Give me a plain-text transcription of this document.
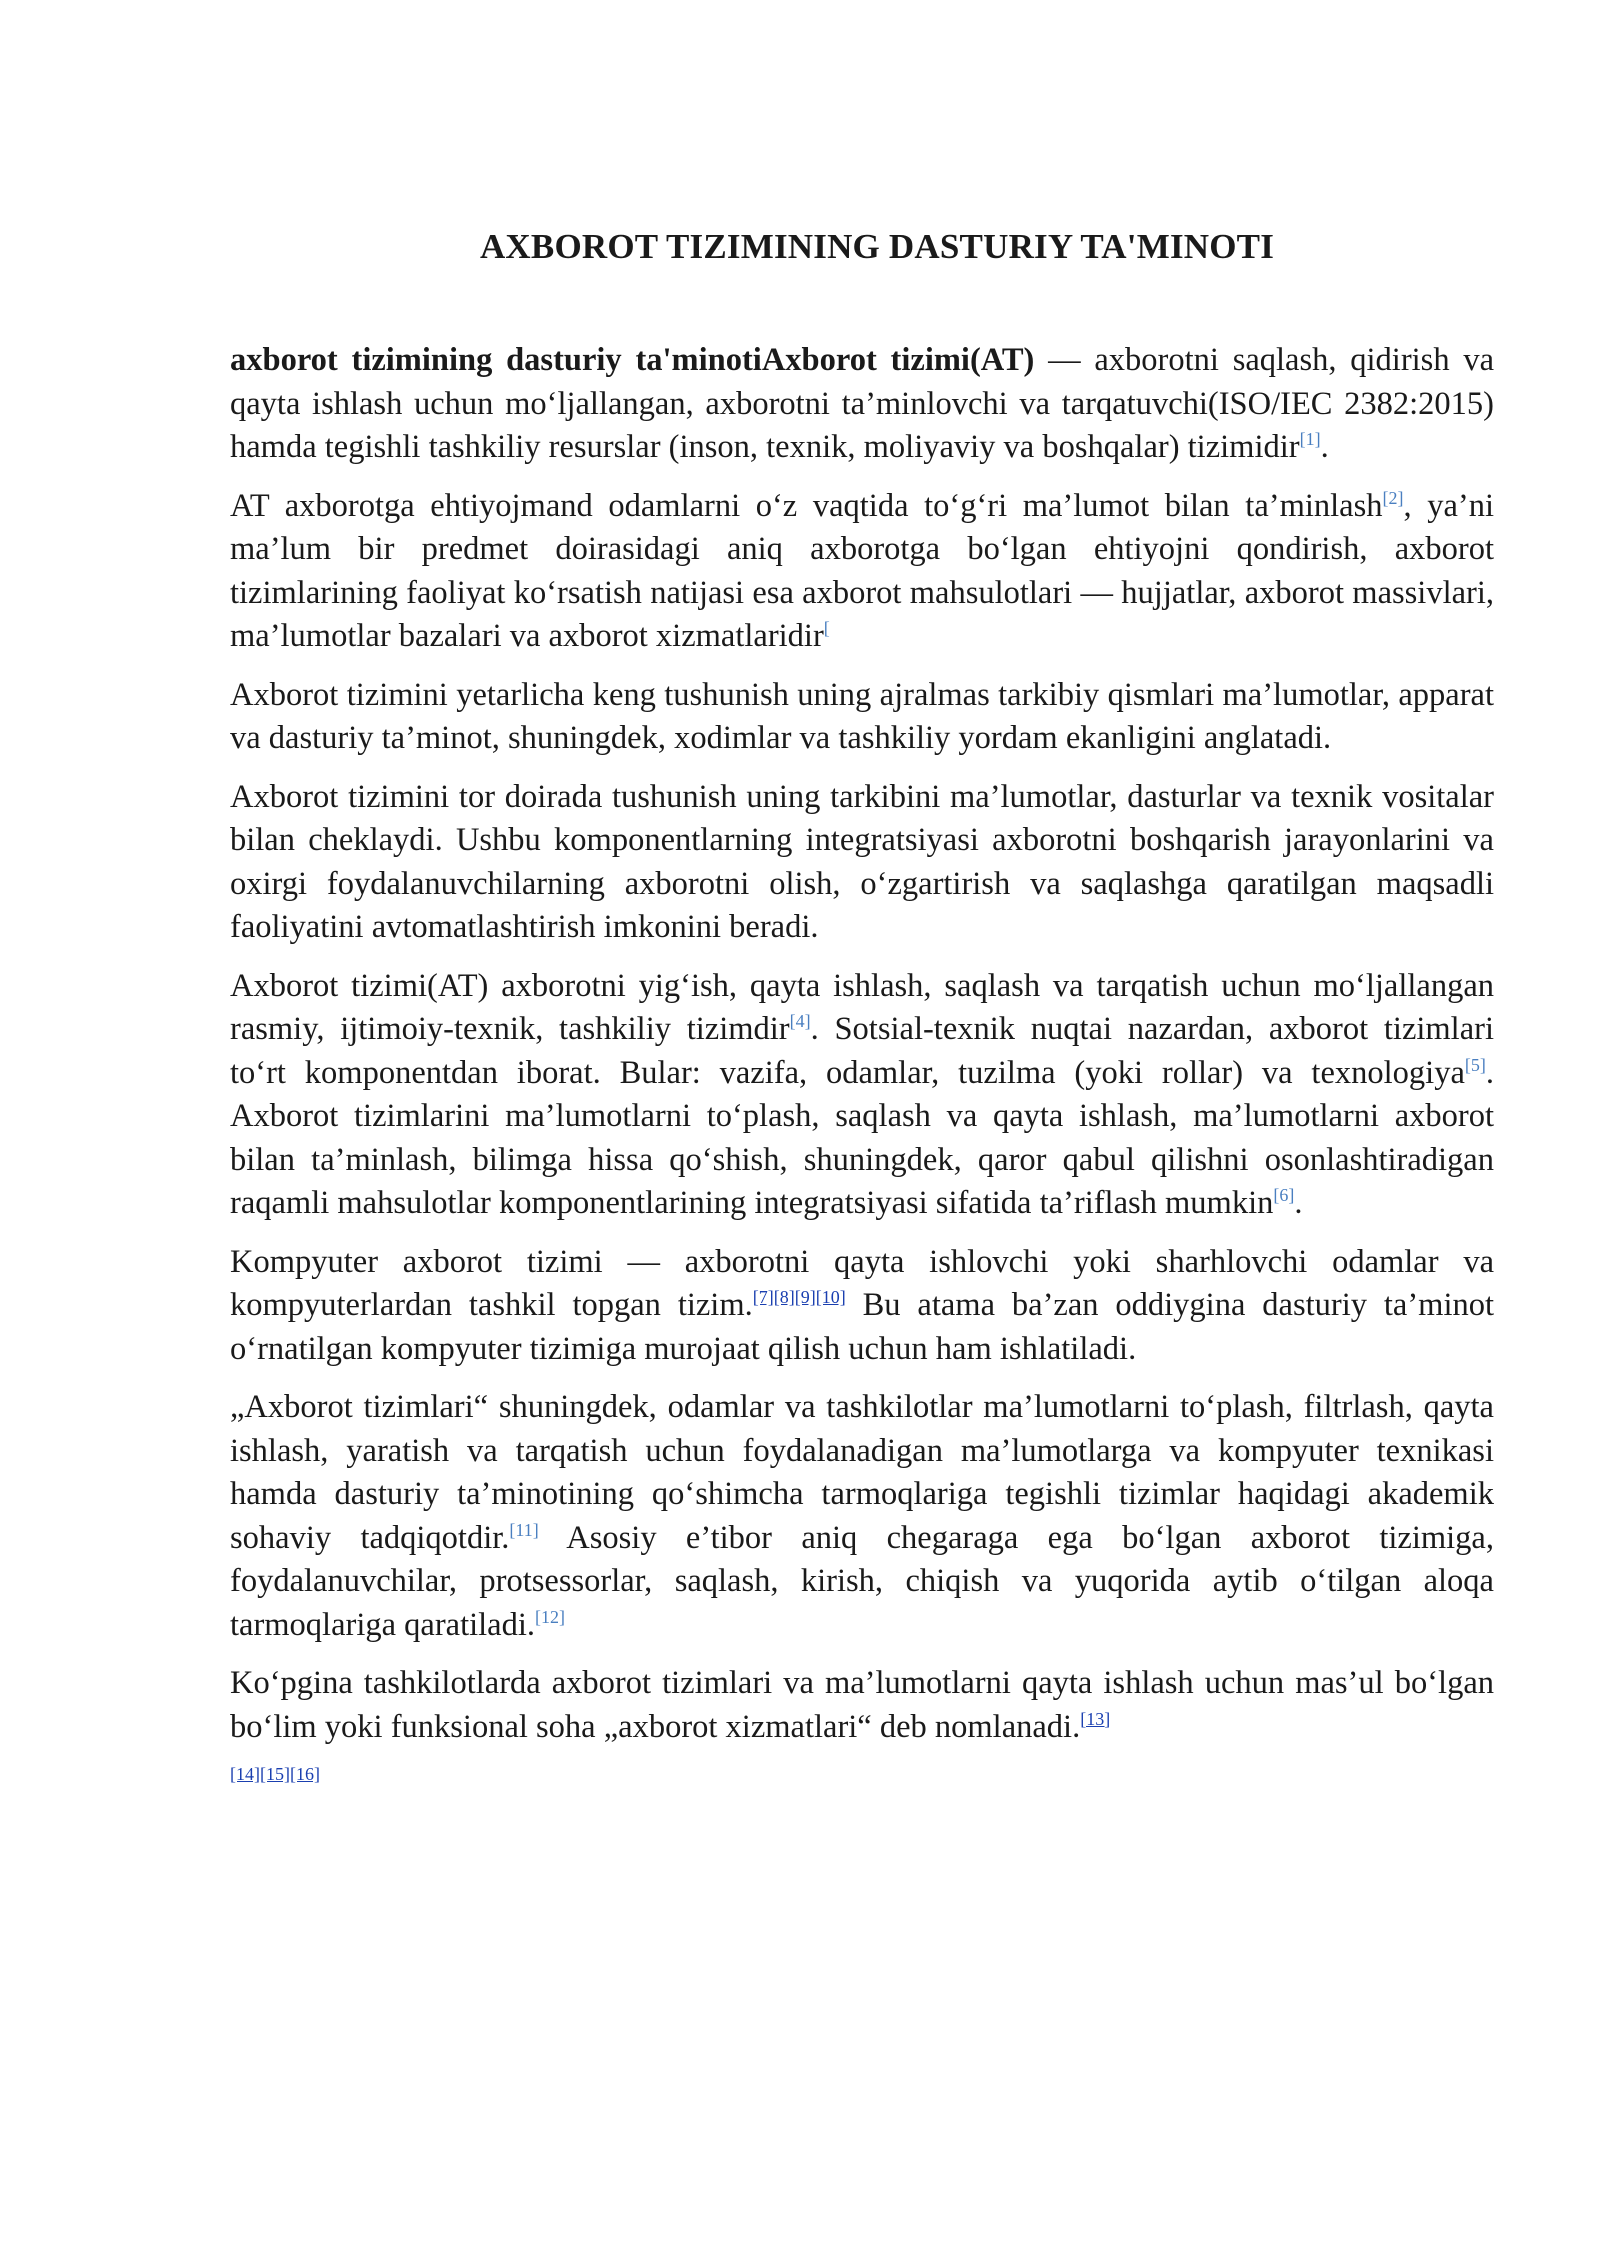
AXBOROT TIZIMINING DASTURIY TA'MINOTI

axborot tizimining dasturiy ta'minotiAxborot tizimi(AT) — axborotni saqlash, qidirish va qayta ishlash uchun mo‘ljallangan, axborotni ta’minlovchi va tarqatuvchi(ISO/IEC 2382:2015) hamda tegishli tashkiliy resurslar (inson, texnik, moliyaviy va boshqalar) tizimidir[1].

AT axborotga ehtiyojmand odamlarni o‘z vaqtida to‘g‘ri ma’lumot bilan ta’minlash[2], ya’ni ma’lum bir predmet doirasidagi aniq axborotga bo‘lgan ehtiyojni qondirish, axborot tizimlarining faoliyat ko‘rsatish natijasi esa axborot mahsulotlari — hujjatlar, axborot massivlari, ma’lumotlar bazalari va axborot xizmatlaridir[

Axborot tizimini yetarlicha keng tushunish uning ajralmas tarkibiy qismlari ma’lumotlar, apparat va dasturiy ta’minot, shuningdek, xodimlar va tashkiliy yordam ekanligini anglatadi.

Axborot tizimini tor doirada tushunish uning tarkibini ma’lumotlar, dasturlar va texnik vositalar bilan cheklaydi. Ushbu komponentlarning integratsiyasi axborotni boshqarish jarayonlarini va oxirgi foydalanuvchilarning axborotni olish, o‘zgartirish va saqlashga qaratilgan maqsadli faoliyatini avtomatlashtirish imkonini beradi.

Axborot tizimi(AT) axborotni yig‘ish, qayta ishlash, saqlash va tarqatish uchun mo‘ljallangan rasmiy, ijtimoiy-texnik, tashkiliy tizimdir[4]. Sotsial-texnik nuqtai nazardan, axborot tizimlari to‘rt komponentdan iborat. Bular: vazifa, odamlar, tuzilma (yoki rollar) va texnologiya[5]. Axborot tizimlarini ma’lumotlarni to‘plash, saqlash va qayta ishlash, ma’lumotlarni axborot bilan ta’minlash, bilimga hissa qo‘shish, shuningdek, qaror qabul qilishni osonlashtiradigan raqamli mahsulotlar komponentlarining integratsiyasi sifatida ta’riflash mumkin[6].

Kompyuter axborot tizimi — axborotni qayta ishlovchi yoki sharhlovchi odamlar va kompyuterlardan tashkil topgan tizim.[7][8][9][10] Bu atama ba’zan oddiygina dasturiy ta’minot o‘rnatilgan kompyuter tizimiga murojaat qilish uchun ham ishlatiladi.

„Axborot tizimlari“ shuningdek, odamlar va tashkilotlar ma’lumotlarni to‘plash, filtrlash, qayta ishlash, yaratish va tarqatish uchun foydalanadigan ma’lumotlarga va kompyuter texnikasi hamda dasturiy ta’minotining qo‘shimcha tarmoqlariga tegishli tizimlar haqidagi akademik sohaviy tadqiqotdir.[11] Asosiy e’tibor aniq chegaraga ega bo‘lgan axborot tizimiga, foydalanuvchilar, protsessorlar, saqlash, kirish, chiqish va yuqorida aytib o‘tilgan aloqa tarmoqlariga qaratiladi.[12]

Ko‘pgina tashkilotlarda axborot tizimlari va ma’lumotlarni qayta ishlash uchun mas’ul bo‘lgan bo‘lim yoki funksional soha „axborot xizmatlari“ deb nomlanadi.[13]
[14][15][16]
